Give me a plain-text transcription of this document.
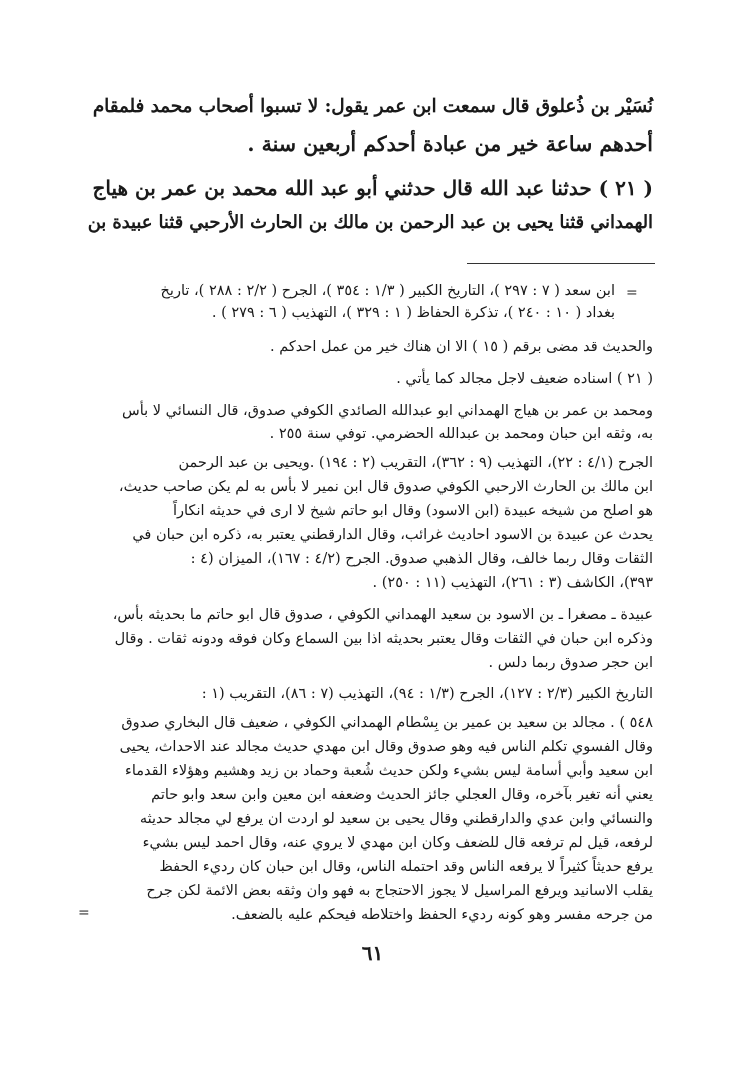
نُسَيْر بن ذُعلوق قال سمعت ابن عمر يقول: لا تسبوا أصحاب محمد فلمقام
أحدهم ساعة خير من عبادة أحدكم أربعين سنة .
( ٢١ ) حدثنا عبد الله قال حدثني أبو عبد الله محمد بن عمر بن هياج
الهمداني قثنا يحيى بن عبد الرحمن بن مالك بن الحارث الأرحبي قثنا عبيدة بن
=
ابن سعد ( ٧ : ٢٩٧ )، التاريخ الكبير ( ١/٣ : ٣٥٤ )، الجرح ( ٢/٢ : ٢٨٨ )، تاريخ
بغداد ( ١٠ : ٢٤٠ )، تذكرة الحفاظ ( ١ : ٣٢٩ )، التهذيب ( ٦ : ٢٧٩ ) .
والحديث قد مضى برقم ( ١٥ ) الا ان هناك خير من عمل احدكم .
( ٢١ ) اسناده ضعيف لاجل مجالد كما يأتي .
ومحمد بن عمر بن هياج الهمداني ابو عبدالله الصائدي الكوفي صدوق، قال النسائي لا بأس
به، وثقه ابن حبان ومحمد بن عبدالله الحضرمي. توفي سنة ٢٥٥ .
الجرح (٤/١ : ٢٢)، التهذيب (٩ : ٣٦٢)، التقريب (٢ : ١٩٤) .ويحيى بن عبد الرحمن
ابن مالك بن الحارث الارحبي الكوفي صدوق قال ابن نمير لا بأس به لم يكن صاحب حديث،
هو اصلح من شيخه عبيدة (ابن الاسود) وقال ابو حاتم شيخ لا ارى في حديثه انكاراً
يحدث عن عبيدة بن الاسود احاديث غرائب، وقال الدارقطني يعتبر به، ذكره ابن حبان في
الثقات وقال ربما خالف، وقال الذهبي صدوق. الجرح (٤/٢ : ١٦٧)، الميزان (٤ :
٣٩٣)، الكاشف (٣ : ٢٦١)، التهذيب (١١ : ٢٥٠) .
عبيدة ـ مصغرا ـ بن الاسود بن سعيد الهمداني الكوفي ، صدوق قال ابو حاتم ما بحديثه بأس،
وذكره ابن حبان في الثقات وقال يعتبر بحديثه اذا بين السماع وكان فوقه ودونه ثقات . وقال
ابن حجر صدوق ربما دلس .
التاريخ الكبير (٢/٣ : ١٢٧)، الجرح (١/٣ : ٩٤)، التهذيب (٧ : ٨٦)، التقريب (١ :
٥٤٨ ) . مجالد بن سعيد بن عمير بن بِسْطام الهمداني الكوفي ، ضعيف قال البخاري صدوق
وقال الفسوي تكلم الناس فيه وهو صدوق وقال ابن مهدي حديث مجالد عند الاحداث، يحيى
ابن سعيد وأبي أسامة ليس بشيء ولكن حديث شُعبة وحماد بن زيد وهشيم وهؤلاء القدماء
يعني أنه تغير بآخره، وقال العجلي جائز الحديث وضعفه ابن معين وابن سعد وابو حاتم
والنسائي وابن عدي والدارقطني وقال يحيى بن سعيد لو اردت ان يرفع لي مجالد حديثه
لرفعه، قيل لم ترفعه قال للضعف وكان ابن مهدي لا يروي عنه، وقال احمد ليس بشيء
يرفع حديثاً كثيراً لا يرفعه الناس وقد احتمله الناس، وقال ابن حبان كان رديء الحفظ
يقلب الاسانيد ويرفع المراسيل لا يجوز الاحتجاج به فهو وان وثقه بعض الائمة لكن جرح
من جرحه مفسر وهو كونه رديء الحفظ واختلاطه فيحكم عليه بالضعف.
=
٦١
